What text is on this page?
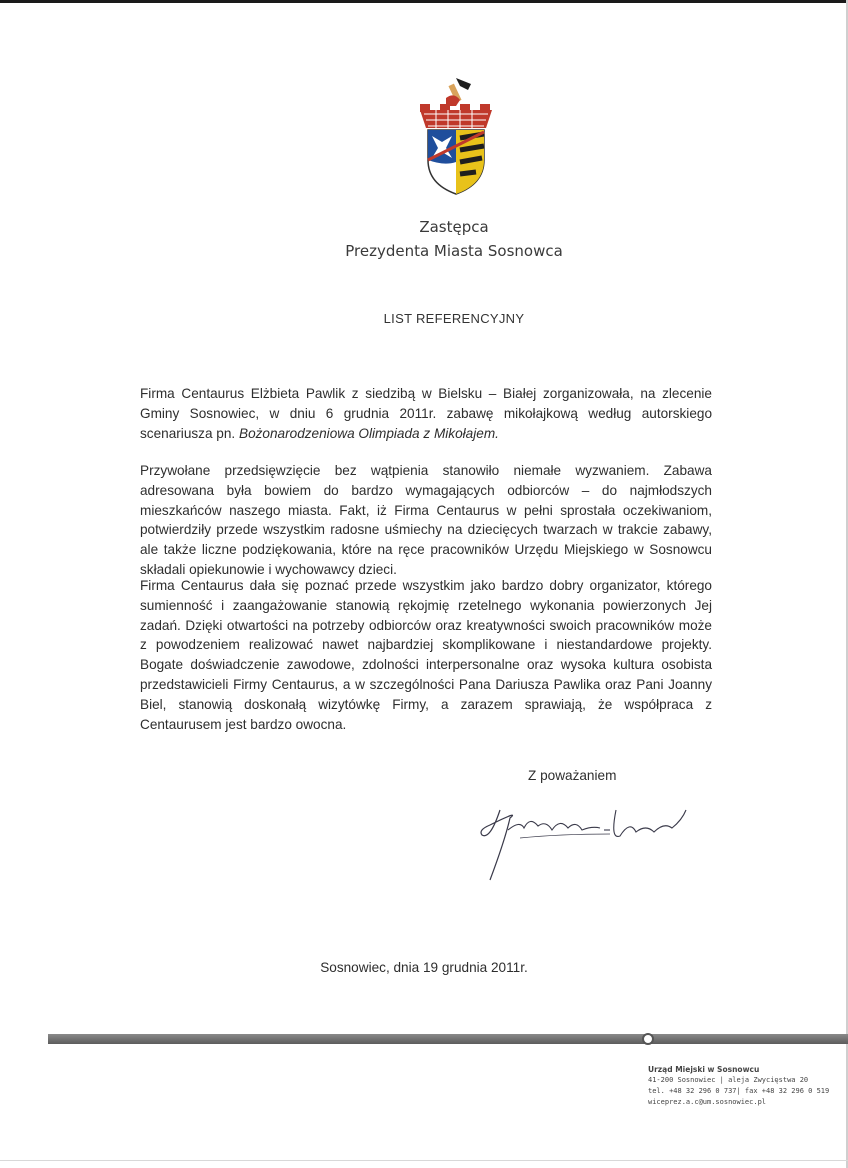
Zastępca
Prezydenta Miasta Sosnowca
LIST REFERENCYJNY
Firma Centaurus Elżbieta Pawlik z siedzibą w Bielsku – Białej zorganizowała, na zlecenie Gminy Sosnowiec, w dniu 6 grudnia 2011r. zabawę mikołajkową według autorskiego scenariusza pn. Bożonarodzeniowa Olimpiada z Mikołajem.
Przywołane przedsięwzięcie bez wątpienia stanowiło niemałe wyzwaniem. Zabawa adresowana była bowiem do bardzo wymagających odbiorców – do najmłodszych mieszkańców naszego miasta. Fakt, iż Firma Centaurus w pełni sprostała oczekiwaniom, potwierdziły przede wszystkim radosne uśmiechy na dziecięcych twarzach w trakcie zabawy, ale także liczne podziękowania, które na ręce pracowników Urzędu Miejskiego w Sosnowcu składali opiekunowie i wychowawcy dzieci.
Firma Centaurus dała się poznać przede wszystkim jako bardzo dobry organizator, którego sumienność i zaangażowanie stanowią rękojmię rzetelnego wykonania powierzonych Jej zadań. Dzięki otwartości na potrzeby odbiorców oraz kreatywności swoich pracowników może z powodzeniem realizować nawet najbardziej skomplikowane i niestandardowe projekty. Bogate doświadczenie zawodowe, zdolności interpersonalne oraz wysoka kultura osobista przedstawicieli Firmy Centaurus, a w szczególności Pana Dariusza Pawlika oraz Pani Joanny Biel, stanowią doskonałą wizytówkę Firmy, a zarazem sprawiają, że współpraca z Centaurusem jest bardzo owocna.
Z poważaniem
Sosnowiec, dnia 19 grudnia 2011r.
Urząd Miejski w Sosnowcu
41-200 Sosnowiec | aleja Zwycięstwa 20
tel. +48 32 296 0 737| fax +48 32 296 0 519
wiceprez.a.c@um.sosnowiec.pl
